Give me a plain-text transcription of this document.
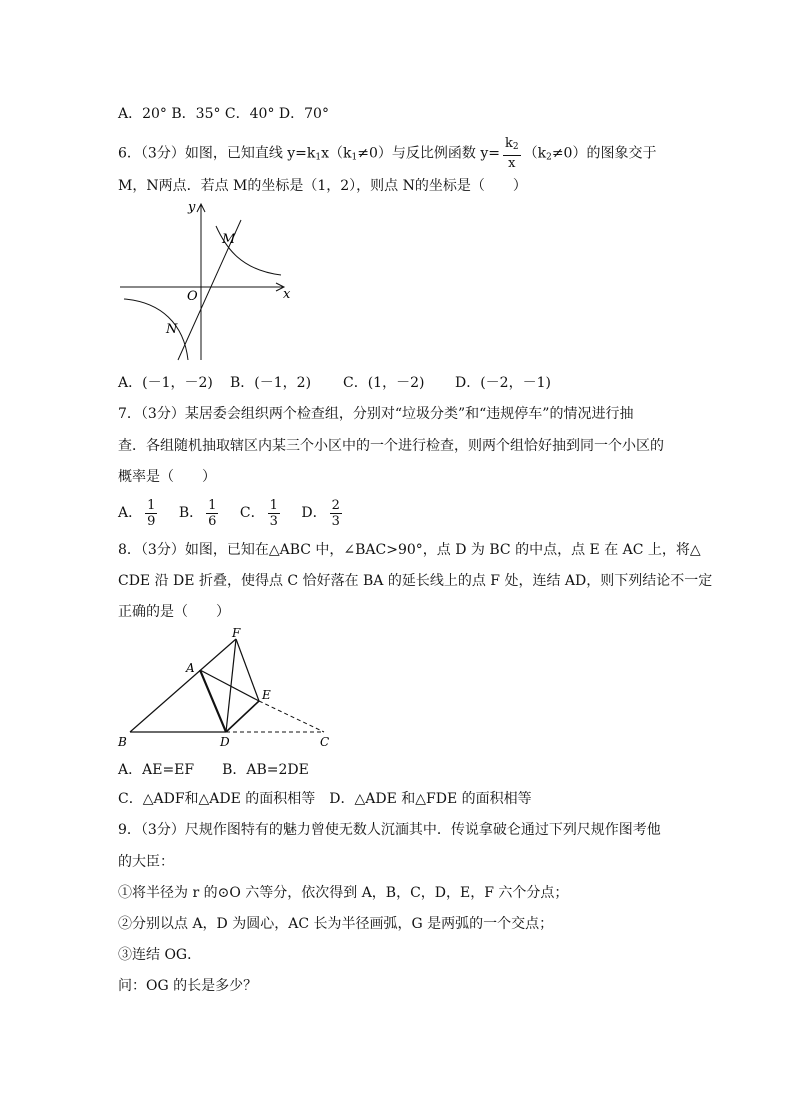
A．20° B．35° C．40° D．70°
6．（3分）如图，已知直线 $y=k_1x(k_1\ne 0)$与反比例函数 $y= \frac{k_2}{x} (k_2\ne 0)$的图象交于
M，N两点．若点 M的坐标是（1，2），则点 N的坐标是（　　）
y
x
O
M
N
A．(－1，－2) B．(－1，2) C．(1，－2) D．(－2，－1)
7．（3分）某居委会组织两个检查组，分别对“垃圾分类”和“违规停车”的情况进行抽
查．各组随机抽取辖区内某三个小区中的一个进行检查，则两个组恰好抽到同一个小区的
概率是（　　）
A． $\frac{1}{9}$ B． $\frac{1}{6}$ C． $\frac{1}{3}$ D． $\frac{2}{3}$
8．（3分）如图，已知在△ABC 中，∠BAC>90°，点 D 为 BC 的中点，点 E 在 AC 上，将△
CDE 沿 DE 折叠，使得点 C 恰好落在 BA 的延长线上的点 F 处，连结 AD，则下列结论不一定
正确的是（　　）
F
A
E
B	D	C
A．AE=EF　　B．AB=2DE
C．△ADF和△ADE 的面积相等　D．△ADE 和△FDE 的面积相等
9．（3分）尺规作图特有的魅力曾使无数人沉湎其中．传说拿破仑通过下列尺规作图考他
的大臣：
①将半径为 r 的⊙O 六等分，依次得到 A，B，C，D，E，F 六个分点；
②分别以点 A，D 为圆心，AC 长为半径画弧，G 是两弧的一个交点；
③连结 OG．
问：OG 的长是多少？
